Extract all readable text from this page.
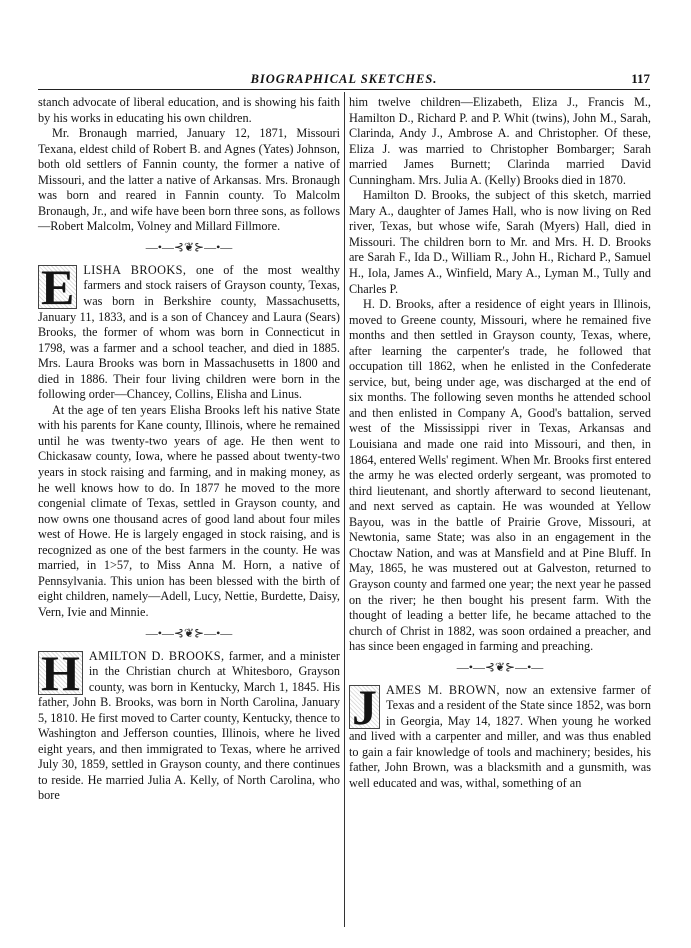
BIOGRAPHICAL SKETCHES.	117

stanch advocate of liberal education, and is showing his faith by his works in educating his own children.

Mr. Bronaugh married, January 12, 1871, Missouri Texana, eldest child of Robert B. and Agnes (Yates) Johnson, both old settlers of Fannin county, the former a native of Missouri, and the latter a native of Arkansas. Mrs. Bronaugh was born and reared in Fannin county. To Malcolm Bronaugh, Jr., and wife have been born three sons, as follows—Robert Malcolm, Volney and Millard Fillmore.

—•—⊰❦⊱—•—

E LISHA BROOKS, one of the most wealthy farmers and stock raisers of Grayson county, Texas, was born in Berkshire county, Massachusetts, January 11, 1833, and is a son of Chancey and Laura (Sears) Brooks, the former of whom was born in Connecticut in 1798, was a farmer and a school teacher, and died in 1885. Mrs. Laura Brooks was born in Massachusetts in 1800 and died in 1886. Their four living children were born in the following order—Chancey, Collins, Elisha and Linus.

At the age of ten years Elisha Brooks left his native State with his parents for Kane county, Illinois, where he remained until he was twenty-two years of age. He then went to Chickasaw county, Iowa, where he passed about twenty-two years in stock raising and farming, and in making money, as he well knows how to do. In 1877 he moved to the more congenial climate of Texas, settled in Grayson county, and now owns one thousand acres of good land about four miles west of Howe. He is largely engaged in stock raising, and is recognized as one of the best farmers in the county. He was married, in 1⁠⁠⁠>57, to Miss Anna M. Horn, a native of Pennsylvania. This union has been blessed with the birth of eight children, namely—Adell, Lucy, Nettie, Burdette, Daisy, Vern, Ivie and Minnie.

—•—⊰❦⊱—•—

H AMILTON D. BROOKS, farmer, and a minister in the Christian church at Whitesboro, Grayson county, was born in Kentucky, March 1, 1845. His father, John B. Brooks, was born in North Carolina, January 5, 1810. He first moved to Carter county, Kentucky, thence to Washington and Jefferson counties, Illinois, where he lived eight years, and then immigrated to Texas, where he arrived July 30, 1859, settled in Grayson county, and there continues to reside. He married Julia A. Kelly, of North Carolina, who bore

him twelve children—Elizabeth, Eliza J., Francis M., Hamilton D., Richard P. and P. Whit (twins), John M., Sarah, Clarinda, Andy J., Ambrose A. and Christopher. Of these, Eliza J. was married to Christopher Bombarger; Sarah married James Burnett; Clarinda married David Cunningham. Mrs. Julia A. (Kelly) Brooks died in 1870.

Hamilton D. Brooks, the subject of this sketch, married Mary A., daughter of James Hall, who is now living on Red river, Texas, but whose wife, Sarah (Myers) Hall, died in Missouri. The children born to Mr. and Mrs. H. D. Brooks are Sarah F., Ida D., William R., John H., Richard P., Samuel H., Iola, James A., Winfield, Mary A., Lyman M., Tully and Charles P.

H. D. Brooks, after a residence of eight years in Illinois, moved to Greene county, Missouri, where he remained five months and then settled in Grayson county, Texas, where, after learning the carpenter's trade, he followed that occupation till 1862, when he enlisted in the Confederate service, but, being under age, was discharged at the end of six months. The following seven months he attended school and then enlisted in Company A, Good's battalion, served west of the Mississippi river in Texas, Arkansas and Louisiana and made one raid into Missouri, and then, in 1864, entered Wells' regiment. When Mr. Brooks first entered the army he was elected orderly sergeant, was promoted to third lieutenant, and shortly afterward to second lieutenant, and next served as captain. He was wounded at Yellow Bayou, was in the battle of Prairie Grove, Missouri, at Newtonia, same State; was also in an engagement in the Choctaw Nation, and was at Mansfield and at Pine Bluff. In May, 1865, he was mustered out at Galveston, returned to Grayson county and farmed one year; the next year he passed on the river; he then bought his present farm. With the thought of leading a better life, he became attached to the church of Christ in 1882, was soon ordained a preacher, and has since been engaged in farming and preaching.

—•—⊰❦⊱—•—

J AMES M. BROWN, now an extensive farmer of Texas and a resident of the State since 1852, was born in Georgia, May 14, 1827. When young he worked and lived with a carpenter and miller, and was thus enabled to gain a fair knowledge of tools and machinery; besides, his father, John Brown, was a blacksmith and a gunsmith, was well educated and was, withal, something of an
